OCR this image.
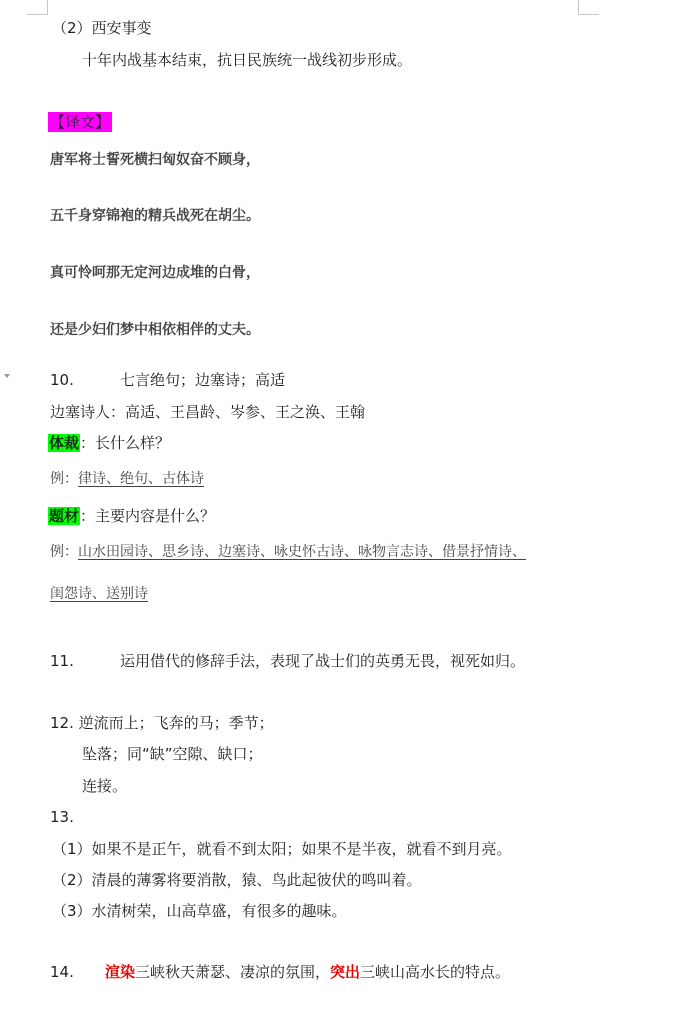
（2）西安事变
十年内战基本结束，抗日民族统一战线初步形成。
【译文】
唐军将士誓死横扫匈奴奋不顾身，
五千身穿锦袍的精兵战死在胡尘。
真可怜呵那无定河边成堆的白骨，
还是少妇们梦中相依相伴的丈夫。
10.	七言绝句；边塞诗；高适
边塞诗人：高适、王昌龄、岑参、王之涣、王翰
体裁：长什么样？
例：律诗、绝句、古体诗
题材：主要内容是什么？
例：山水田园诗、思乡诗、边塞诗、咏史怀古诗、咏物言志诗、借景抒情诗、
闺怨诗、送别诗
11.	运用借代的修辞手法，表现了战士们的英勇无畏，视死如归。
12. 逆流而上；飞奔的马；季节；
坠落；同“缺”空隙、缺口；
连接。
13.
（1）如果不是正午，就看不到太阳；如果不是半夜，就看不到月亮。
（2）清晨的薄雾将要消散，猿、鸟此起彼伏的鸣叫着。
（3）水清树荣，山高草盛，有很多的趣味。
14. 渲染三峡秋天萧瑟、凄凉的氛围，突出三峡山高水长的特点。
